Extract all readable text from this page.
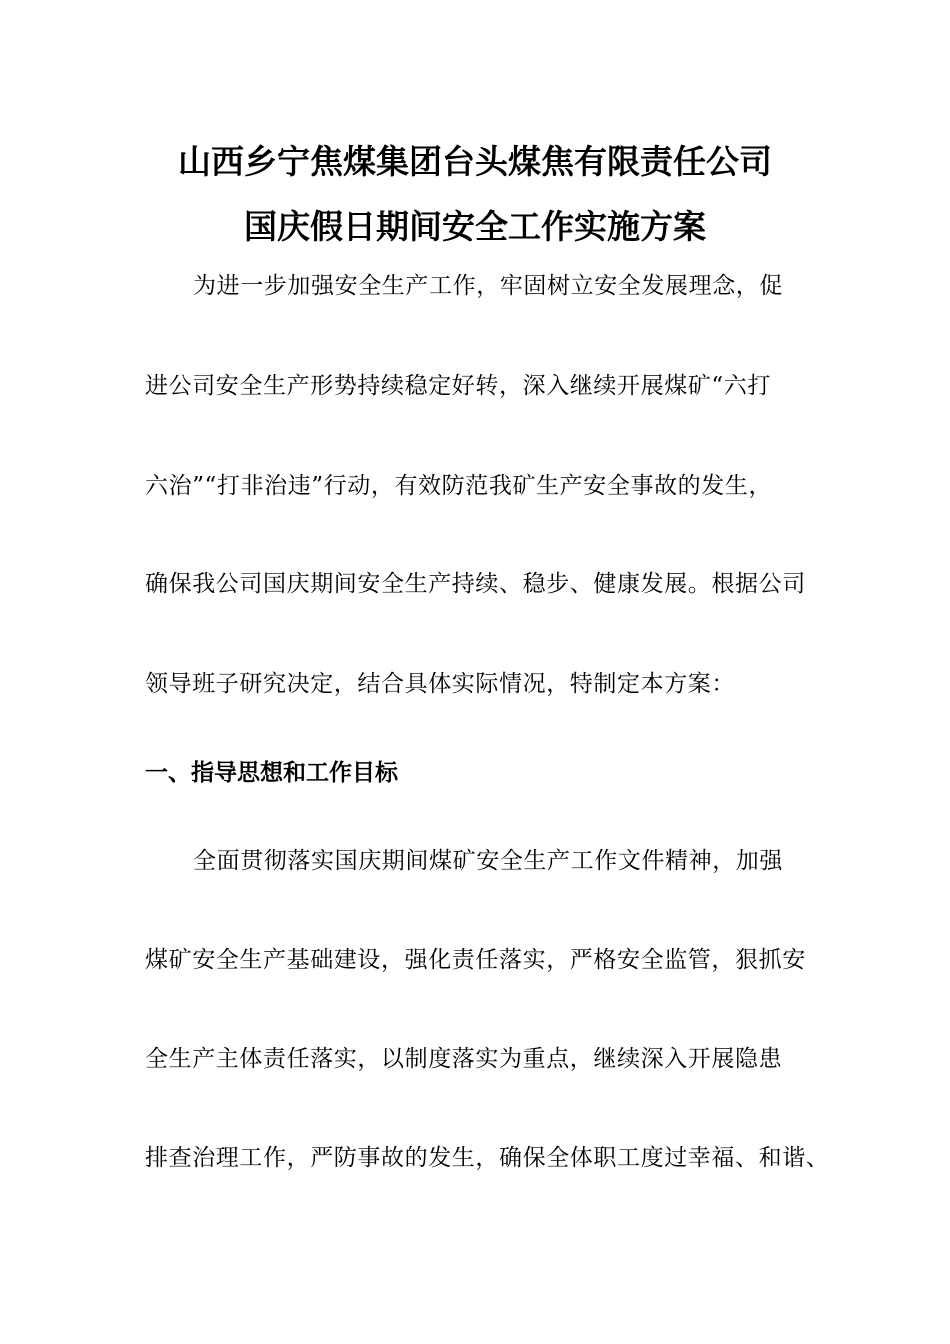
山西乡宁焦煤集团台头煤焦有限责任公司
国庆假日期间安全工作实施方案
为进一步加强安全生产工作，牢固树立安全发展理念，促
进公司安全生产形势持续稳定好转，深入继续开展煤矿“六打
六治”“打非治违”行动，有效防范我矿生产安全事故的发生，
确保我公司国庆期间安全生产持续、稳步、健康发展。根据公司
领导班子研究决定，结合具体实际情况，特制定本方案：
一、指导思想和工作目标
全面贯彻落实国庆期间煤矿安全生产工作文件精神，加强
煤矿安全生产基础建设，强化责任落实，严格安全监管，狠抓安
全生产主体责任落实，以制度落实为重点，继续深入开展隐患
排查治理工作，严防事故的发生，确保全体职工度过幸福、和谐、
